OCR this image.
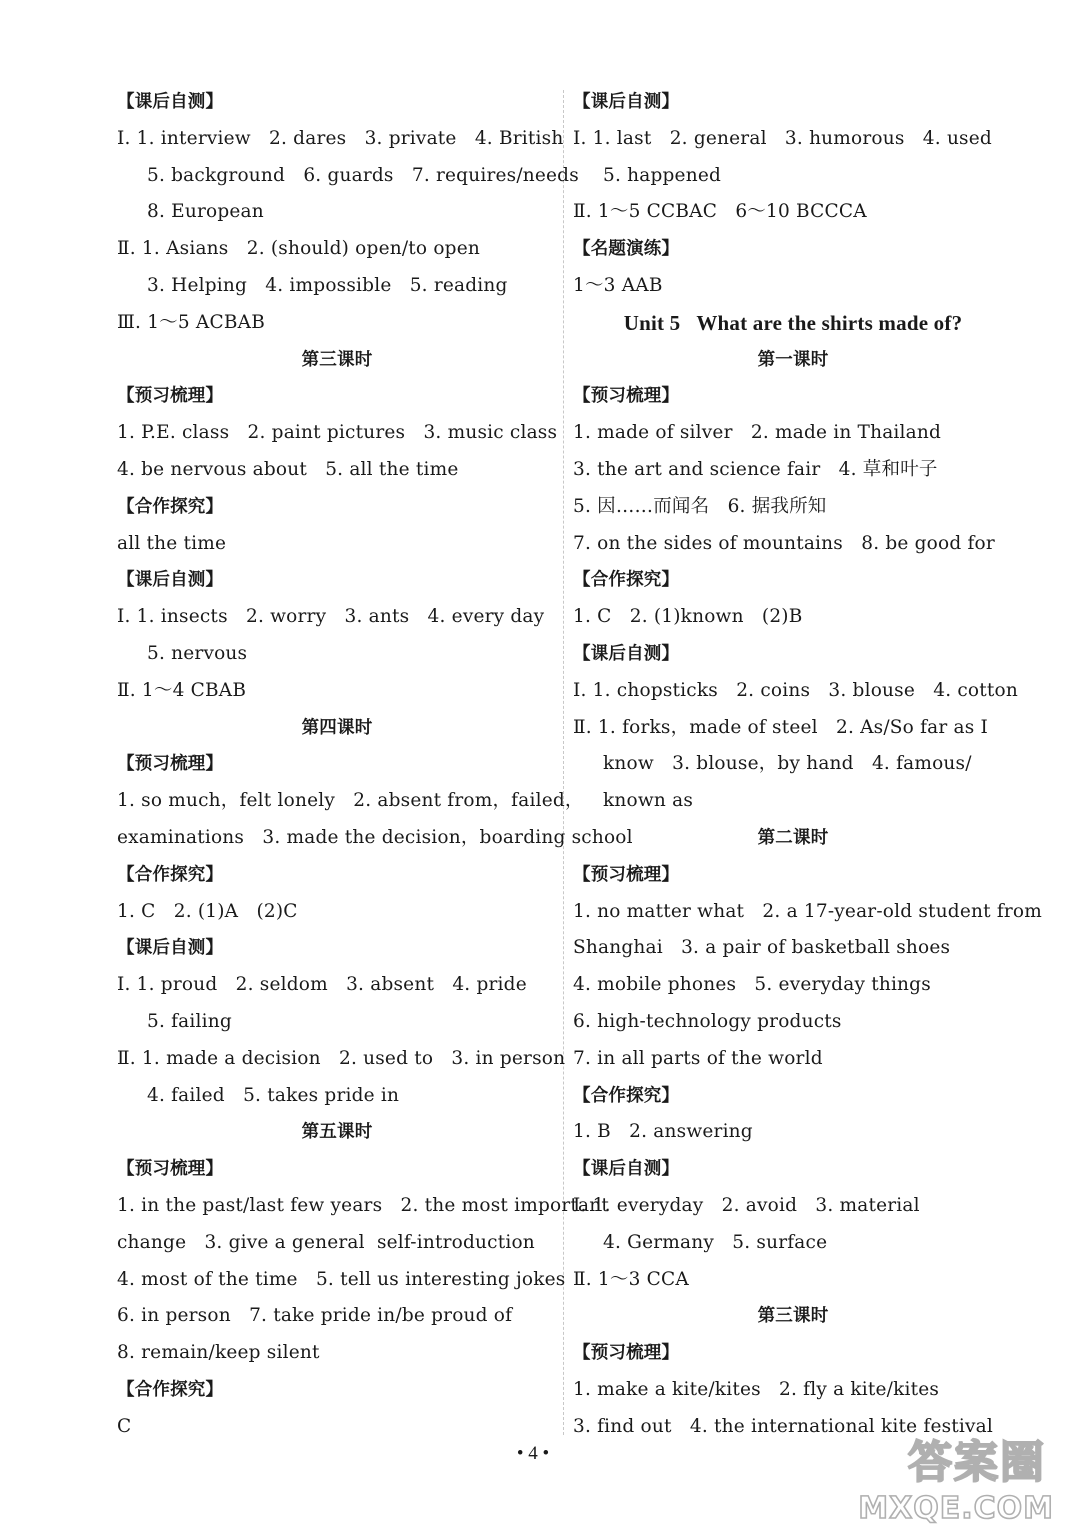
【课后自测】
Ⅰ. 1. interview   2. dares   3. private   4. British
5. background   6. guards   7. requires/needs
8. European
Ⅱ. 1. Asians   2. (should) open/to open
3. Helping   4. impossible   5. reading
Ⅲ. 1～5 ACBAB
第三课时
【预习梳理】
1. P.E. class   2. paint pictures   3. music class
4. be nervous about   5. all the time
【合作探究】
all the time
【课后自测】
Ⅰ. 1. insects   2. worry   3. ants   4. every day
5. nervous
Ⅱ. 1～4 CBAB
第四课时
【预习梳理】
1. so much，felt lonely   2. absent from，failed，
examinations   3. made the decision，boarding school
【合作探究】
1. C   2. (1)A   (2)C
【课后自测】
Ⅰ. 1. proud   2. seldom   3. absent   4. pride
5. failing
Ⅱ. 1. made a decision   2. used to   3. in person
4. failed   5. takes pride in
第五课时
【预习梳理】
1. in the past/last few years   2. the most important
change   3. give a general  self-introduction
4. most of the time   5. tell us interesting jokes
6. in person   7. take pride in/be proud of
8. remain/keep silent
【合作探究】
C
【课后自测】
Ⅰ. 1. last   2. general   3. humorous   4. used
5. happened
Ⅱ. 1～5 CCBAC   6～10 BCCCA
【名题演练】
1～3 AAB
Unit 5   What are the shirts made of?
第一课时
【预习梳理】
1. made of silver   2. made in Thailand
3. the art and science fair   4. 草和叶子
5. 因……而闻名   6. 据我所知
7. on the sides of mountains   8. be good for
【合作探究】
1. C   2. (1)known   (2)B
【课后自测】
Ⅰ. 1. chopsticks   2. coins   3. blouse   4. cotton
Ⅱ. 1. forks，made of steel   2. As/So far as I
know   3. blouse，by hand   4. famous/
known as
第二课时
【预习梳理】
1. no matter what   2. a 17-year-old student from
Shanghai   3. a pair of basketball shoes
4. mobile phones   5. everyday things
6. high-technology products
7. in all parts of the world
【合作探究】
1. B   2. answering
【课后自测】
Ⅰ. 1. everyday   2. avoid   3. material
4. Germany   5. surface
Ⅱ. 1～3 CCA
第三课时
【预习梳理】
1. make a kite/kites   2. fly a kite/kites
3. find out   4. the international kite festival
• 4 •	答案圈
MXQE.COM
